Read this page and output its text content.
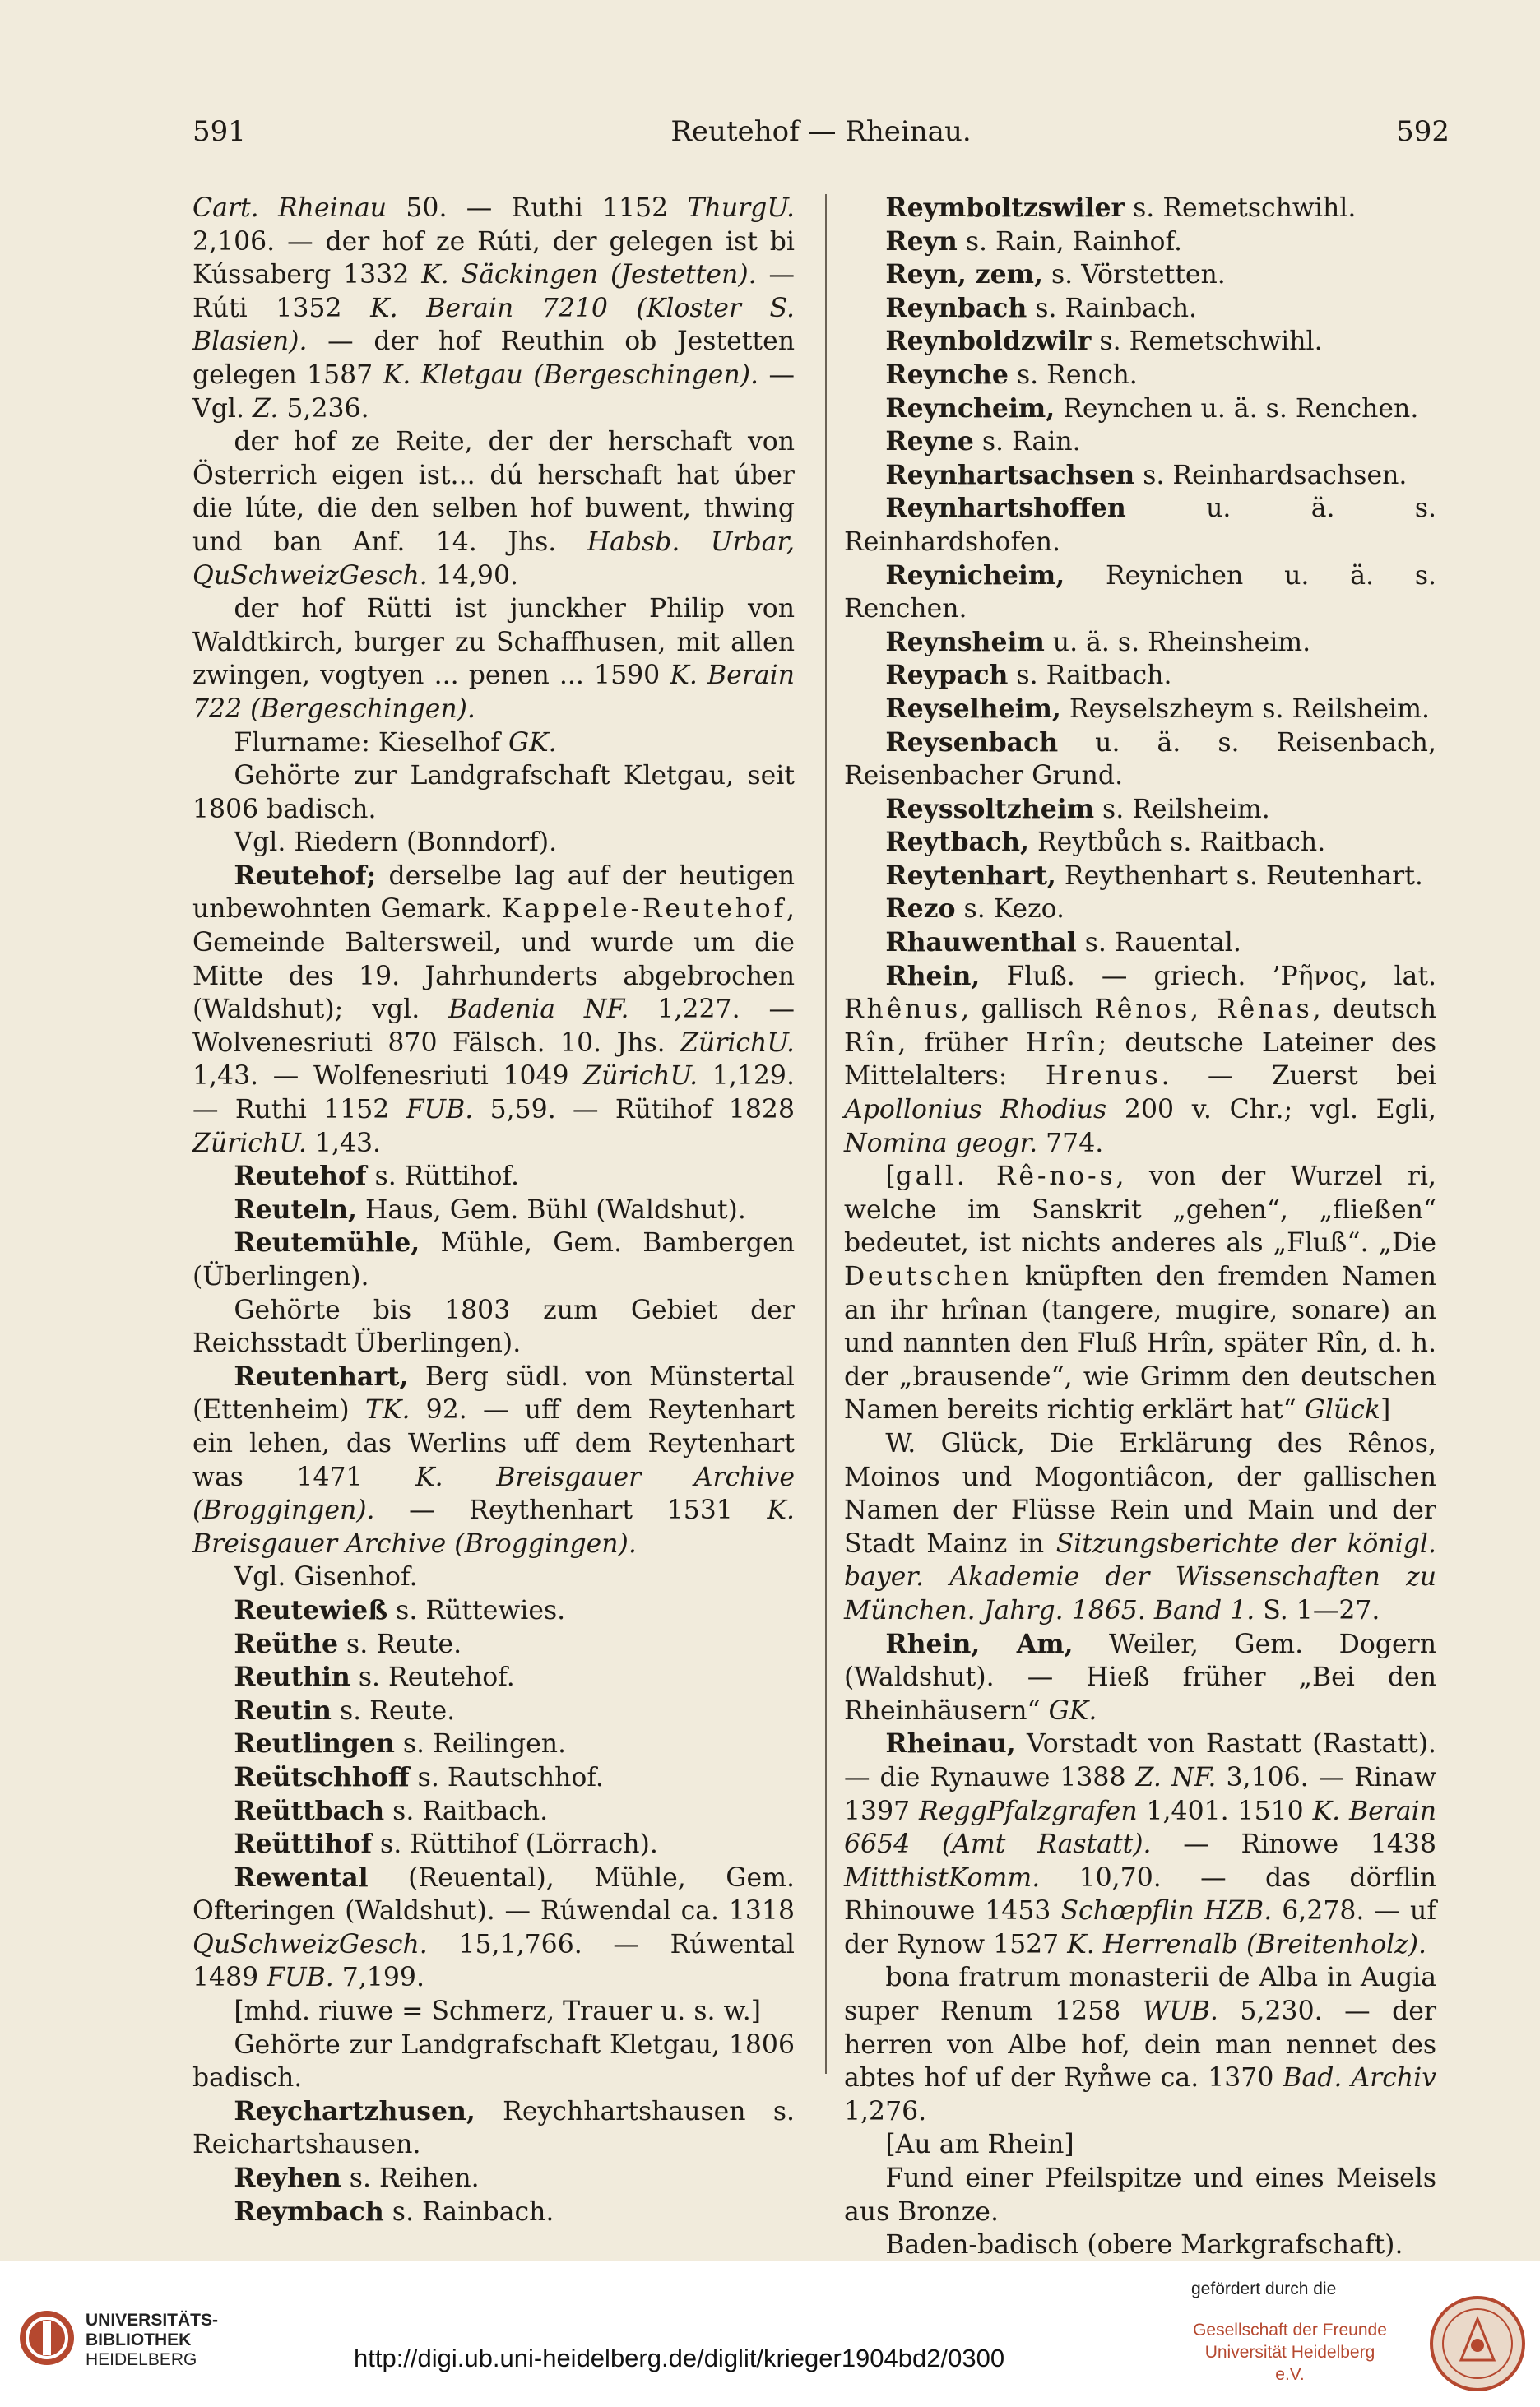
591	Reutehof — Rheinau.	592

Cart. Rheinau 50. — Ruthi 1152 ThurgU. 2,106. — der hof ze Rúti, der gelegen ist bi Kússaberg 1332 K. Säckingen (Jestetten). — Rúti 1352 K. Berain 7210 (Kloster S. Blasien). — der hof Reuthin ob Jestetten gelegen 1587 K. Kletgau (Bergeschingen). — Vgl. Z. 5,236.

der hof ze Reite, der der herschaft von Österrich eigen ist... dú herschaft hat úber die lúte, die den selben hof buwent, thwing und ban Anf. 14. Jhs. Habsb. Urbar, QuSchweizGesch. 14,90.

der hof Rütti ist junckher Philip von Waldtkirch, burger zu Schaffhusen, mit allen zwingen, vogtyen ... penen ... 1590 K. Berain 722 (Bergeschingen).

Flurname: Kieselhof GK.

Gehörte zur Landgrafschaft Kletgau, seit 1806 badisch.

Vgl. Riedern (Bonndorf).

Reutehof; derselbe lag auf der heutigen unbewohnten Gemark. Kappele-Reutehof, Gemeinde Baltersweil, und wurde um die Mitte des 19. Jahrhunderts abgebrochen (Waldshut); vgl. Badenia NF. 1,227. — Wolvenesriuti 870 Fälsch. 10. Jhs. ZürichU. 1,43. — Wolfenesriuti 1049 ZürichU. 1,129. — Ruthi 1152 FUB. 5,59. — Rütihof 1828 ZürichU. 1,43.

Reutehof s. Rüttihof.

Reuteln, Haus, Gem. Bühl (Waldshut).

Reutemühle, Mühle, Gem. Bambergen (Überlingen).

Gehörte bis 1803 zum Gebiet der Reichsstadt Überlingen).

Reutenhart, Berg südl. von Münstertal (Ettenheim) TK. 92. — uff dem Reytenhart ein lehen, das Werlins uff dem Reytenhart was 1471 K. Breisgauer Archive (Broggingen). — Reythenhart 1531 K. Breisgauer Archive (Broggingen).

Vgl. Gisenhof.

Reutewieß s. Rüttewies.

Reüthe s. Reute.

Reuthin s. Reutehof.

Reutin s. Reute.

Reutlingen s. Reilingen.

Reütschhoff s. Rautschhof.

Reüttbach s. Raitbach.

Reüttihof s. Rüttihof (Lörrach).

Rewental (Reuental), Mühle, Gem. Ofteringen (Waldshut). — Rúwendal ca. 1318 QuSchweizGesch. 15,1,766. — Rúwental 1489 FUB. 7,199.

[mhd. riuwe = Schmerz, Trauer u. s. w.]

Gehörte zur Landgrafschaft Kletgau, 1806 badisch.

Reychartzhusen, Reychhartshausen s. Reichartshausen.

Reyhen s. Reihen.

Reymbach s. Rainbach.

Reymboltzswiler s. Remetschwihl.

Reyn s. Rain, Rainhof.

Reyn, zem, s. Vörstetten.

Reynbach s. Rainbach.

Reynboldzwilr s. Remetschwihl.

Reynche s. Rench.

Reyncheim, Reynchen u. ä. s. Renchen.

Reyne s. Rain.

Reynhartsachsen s. Reinhardsachsen.

Reynhartshoffen u. ä. s. Reinhardshofen.

Reynicheim, Reynichen u. ä. s. Renchen.

Reynsheim u. ä. s. Rheinsheim.

Reypach s. Raitbach.

Reyselheim, Reyselszheym s. Reilsheim.

Reysenbach u. ä. s. Reisenbach, Reisenbacher Grund.

Reyssoltzheim s. Reilsheim.

Reytbach, Reytbůch s. Raitbach.

Reytenhart, Reythenhart s. Reutenhart.

Rezo s. Kezo.

Rhauwenthal s. Rauental.

Rhein, Fluß. — griech. ’Ρῆνος, lat. Rhênus, gallisch Rênos, Rênas, deutsch Rîn, früher Hrîn; deutsche Lateiner des Mittelalters: Hrenus. — Zuerst bei Apollonius Rhodius 200 v. Chr.; vgl. Egli, Nomina geogr. 774.

[gall. Rê-no-s, von der Wurzel ri, welche im Sanskrit „gehen“, „fließen“ bedeutet, ist nichts anderes als „Fluß“. „Die Deutschen knüpften den fremden Namen an ihr hrînan (tangere, mugire, sonare) an und nannten den Fluß Hrîn, später Rîn, d. h. der „brausende“, wie Grimm den deutschen Namen bereits richtig erklärt hat“ Glück]

W. Glück, Die Erklärung des Rênos, Moinos und Mogontiâcon, der gallischen Namen der Flüsse Rein und Main und der Stadt Mainz in Sitzungsberichte der königl. bayer. Akademie der Wissenschaften zu München. Jahrg. 1865. Band 1. S. 1—27.

Rhein, Am, Weiler, Gem. Dogern (Waldshut). — Hieß früher „Bei den Rheinhäusern“ GK.

Rheinau, Vorstadt von Rastatt (Rastatt). — die Rynauwe 1388 Z. NF. 3,106. — Rinaw 1397 ReggPfalzgrafen 1,401. 1510 K. Berain 6654 (Amt Rastatt). — Rinowe 1438 MitthistKomm. 10,70. — das dörflin Rhinouwe 1453 Schœpflin HZB. 6,278. — uf der Rynow 1527 K. Herrenalb (Breitenholz).

bona fratrum monasterii de Alba in Augia super Renum 1258 WUB. 5,230. — der herren von Albe hof, dein man nennet des abtes hof uf der Ryn̊we ca. 1370 Bad. Archiv 1,276.

[Au am Rhein]

Fund einer Pfeilspitze und eines Meisels aus Bronze.

Baden-badisch (obere Markgrafschaft).

UNIVERSITÄTS-
BIBLIOTHEK
HEIDELBERG	http://digi.ub.uni-heidelberg.de/diglit/krieger1904bd2/0300
gefördert durch die
Gesellschaft der Freunde
Universität Heidelberg e.V.
